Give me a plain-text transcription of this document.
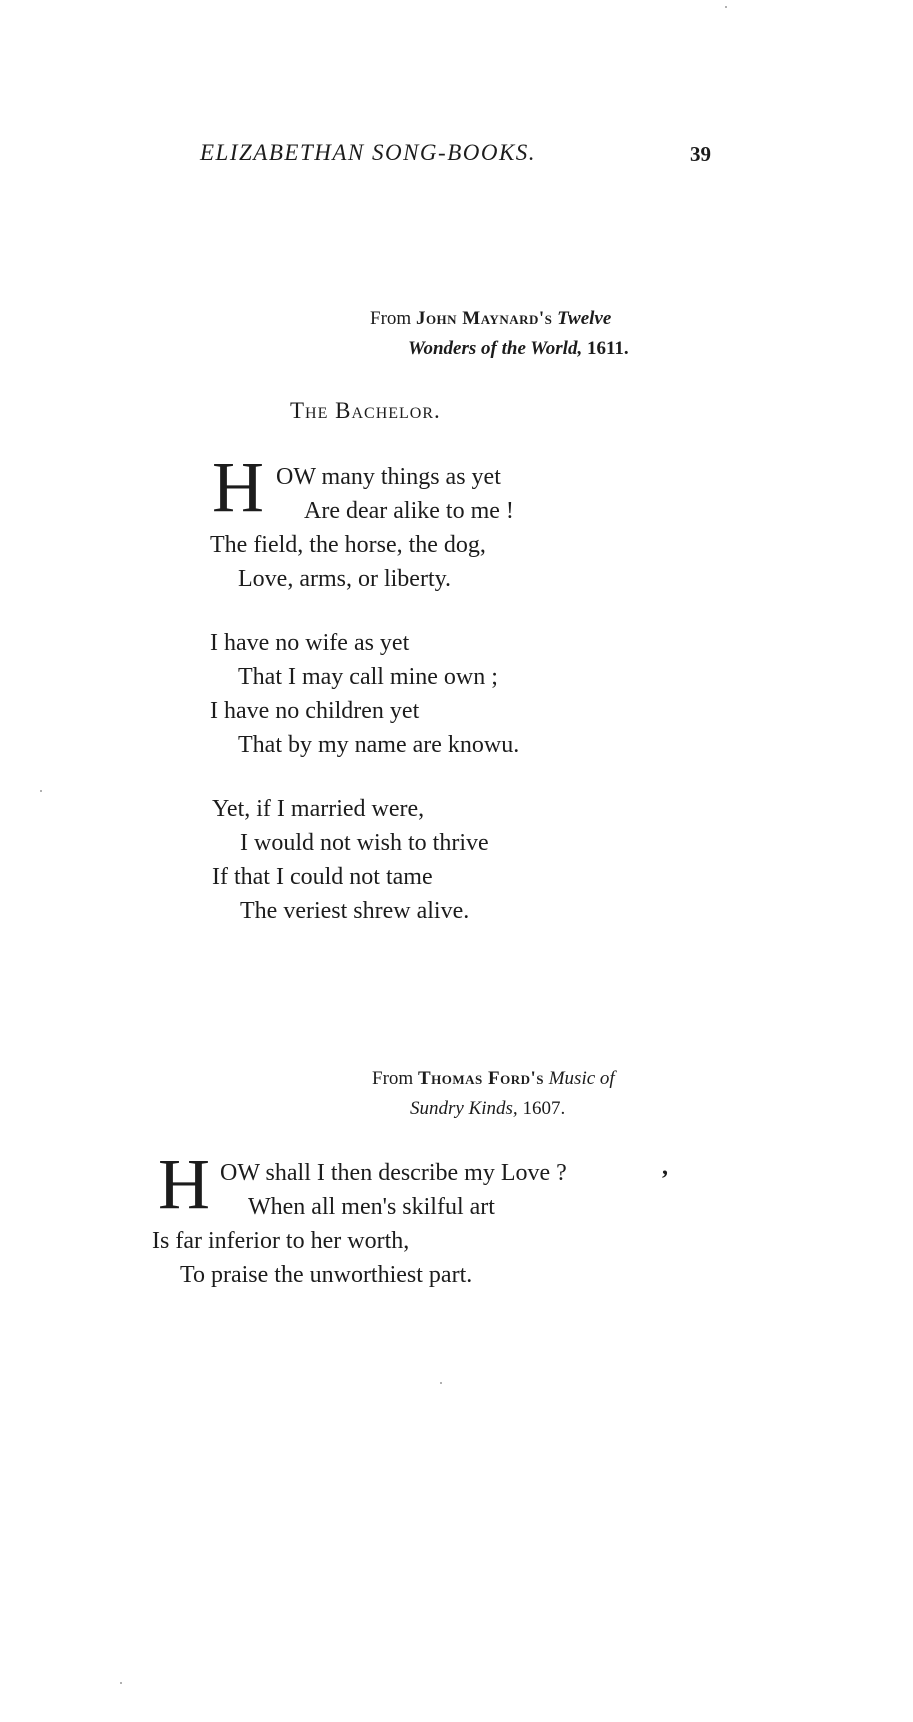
ELIZABETHAN SONG-BOOKS.	39
From John Maynard's Twelve
Wonders of the World, 1611.
The Bachelor.
H OW many things as yet
Are dear alike to me !
The field, the horse, the dog,
Love, arms, or liberty.
I have no wife as yet
That I may call mine own ;
I have no children yet
That by my name are knowu.
Yet, if I married were,
I would not wish to thrive
If that I could not tame
The veriest shrew alive.
From Thomas Ford's Music of
Sundry Kinds, 1607.
H OW shall I then describe my Love ?	,
When all men's skilful art
Is far inferior to her worth,
To praise the unworthiest part.
